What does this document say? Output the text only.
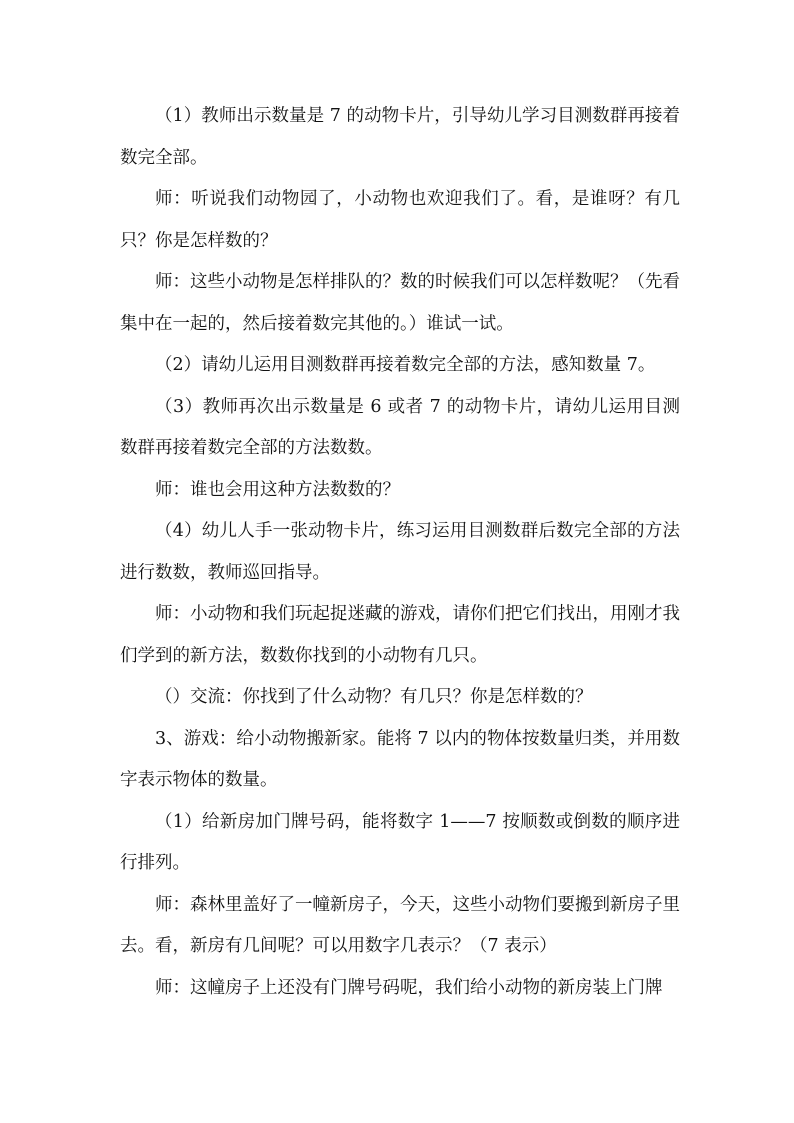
（1）教师出示数量是 7 的动物卡片，引导幼儿学习目测数群再接着数完全部。

师：听说我们动物园了，小动物也欢迎我们了。看，是谁呀？有几只？你是怎样数的？

师：这些小动物是怎样排队的？数的时候我们可以怎样数呢？（先看集中在一起的，然后接着数完其他的。）谁试一试。

（2）请幼儿运用目测数群再接着数完全部的方法，感知数量 7。

（3）教师再次出示数量是 6 或者 7 的动物卡片，请幼儿运用目测数群再接着数完全部的方法数数。

师：谁也会用这种方法数数的？

（4）幼儿人手一张动物卡片，练习运用目测数群后数完全部的方法进行数数，教师巡回指导。

师：小动物和我们玩起捉迷藏的游戏，请你们把它们找出，用刚才我们学到的新方法，数数你找到的小动物有几只。

（）交流：你找到了什么动物？有几只？你是怎样数的？

3、游戏：给小动物搬新家。能将 7 以内的物体按数量归类，并用数字表示物体的数量。

（1）给新房加门牌号码，能将数字 1——7 按顺数或倒数的顺序进行排列。

师：森林里盖好了一幢新房子，今天，这些小动物们要搬到新房子里去。看，新房有几间呢？可以用数字几表示？（7 表示）

师：这幢房子上还没有门牌号码呢，我们给小动物的新房装上门牌
